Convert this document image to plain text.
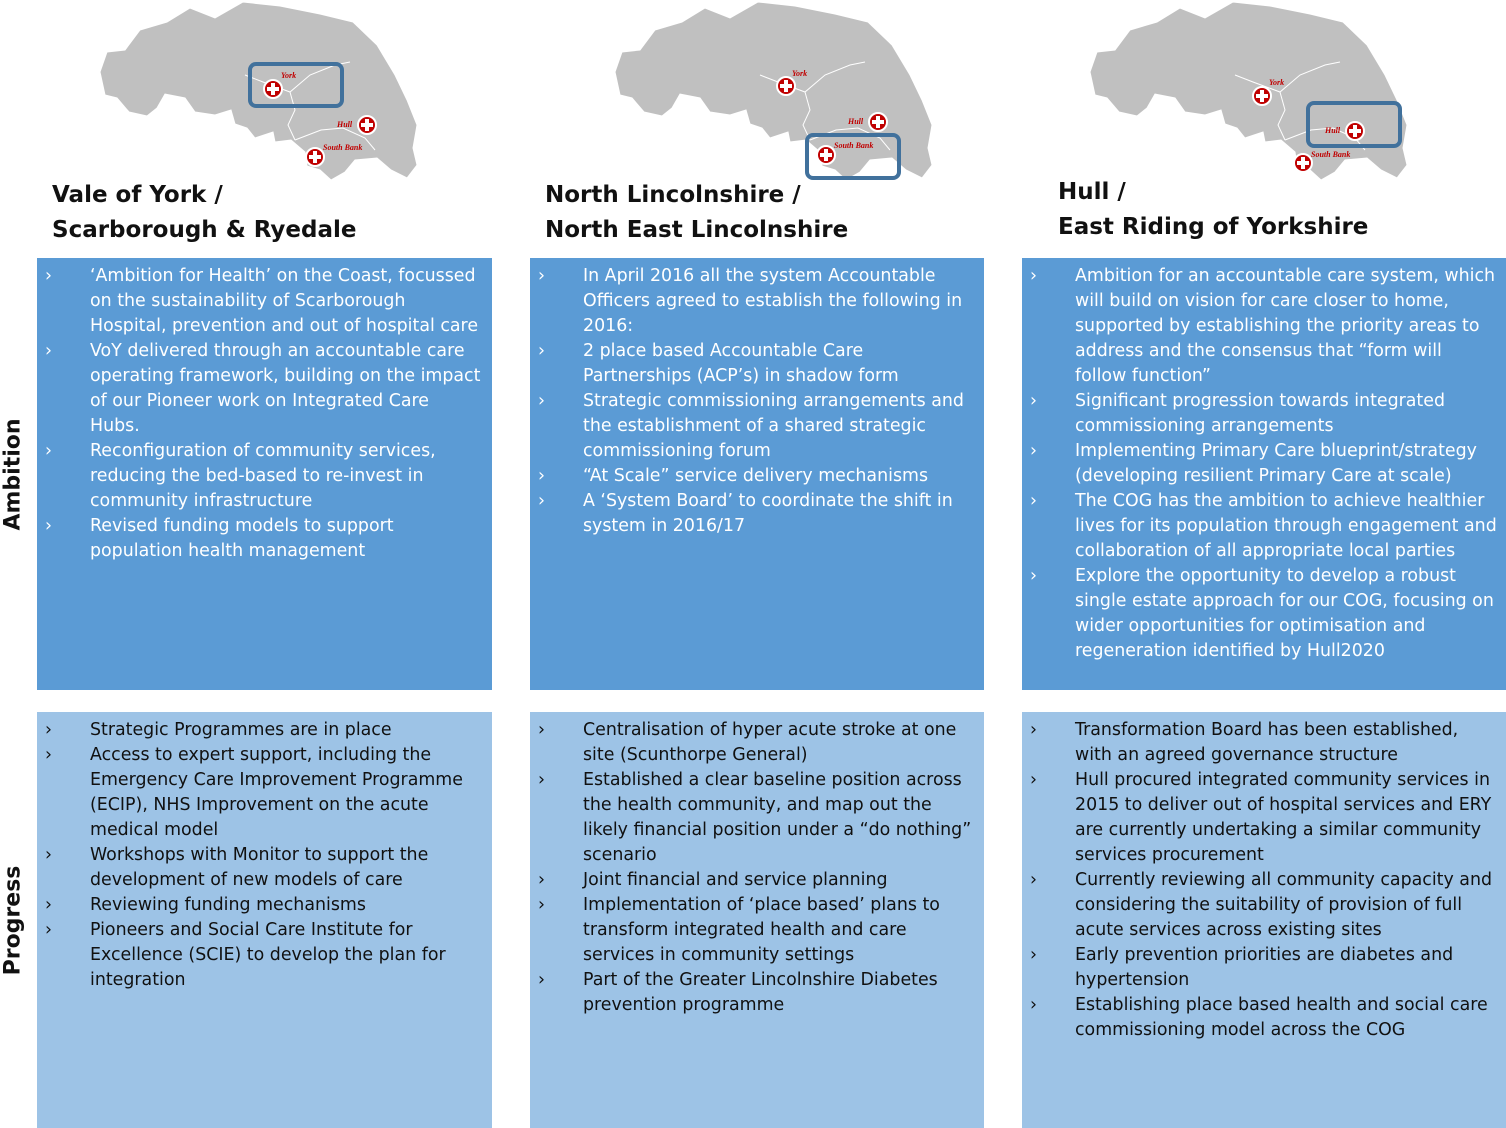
York
Hull
South Bank
York
Hull
South Bank
York
Hull
South Bank
Vale of York /
Scarborough & Ryedale
North Lincolnshire /
North East Lincolnshire
Hull /
East Riding of Yorkshire
Ambition
Progress
› ‘Ambition for Health’ on the Coast, focussed on the sustainability of Scarborough Hospital, prevention and out of hospital care
› VoY delivered through an accountable care operating framework, building on the impact of our Pioneer work on Integrated Care Hubs.
› Reconfiguration of community services, reducing the bed-based to re-invest in community infrastructure
› Revised funding models to support population health management
› In April 2016 all the system Accountable Officers agreed to establish the following in 2016:
› 2 place based Accountable Care Partnerships (ACP’s) in shadow form
› Strategic commissioning arrangements and the establishment of a shared strategic commissioning forum
› “At Scale” service delivery mechanisms
› A ‘System Board’ to coordinate the shift in system in 2016/17
› Ambition for an accountable care system, which will build on vision for care closer to home, supported by establishing the priority areas to address and the consensus that “form will follow function”
› Significant progression towards integrated commissioning arrangements
› Implementing Primary Care blueprint/strategy (developing resilient Primary Care at scale)
› The COG has the ambition to achieve healthier lives for its population through engagement and collaboration of all appropriate local parties
› Explore the opportunity to develop a robust single estate approach for our COG, focusing on wider opportunities for optimisation and regeneration identified by Hull2020
› Strategic Programmes are in place
› Access to expert support, including the Emergency Care Improvement Programme (ECIP), NHS Improvement on the acute medical model
› Workshops with Monitor to support the development of new models of care
› Reviewing funding mechanisms
› Pioneers and Social Care Institute for Excellence (SCIE) to develop the plan for integration
› Centralisation of hyper acute stroke at one site (Scunthorpe General)
› Established a clear baseline position across the health community, and map out the likely financial position under a “do nothing” scenario
› Joint financial and service planning
› Implementation of ‘place based’ plans to transform integrated health and care services in community settings
› Part of the Greater Lincolnshire Diabetes prevention programme
› Transformation Board has been established, with an agreed governance structure
› Hull procured integrated community services in 2015 to deliver out of hospital services and ERY are currently undertaking a similar community services procurement
› Currently reviewing all community capacity and considering the suitability of provision of full acute services across existing sites
› Early prevention priorities are diabetes and hypertension
› Establishing place based health and social care commissioning model across the COG
